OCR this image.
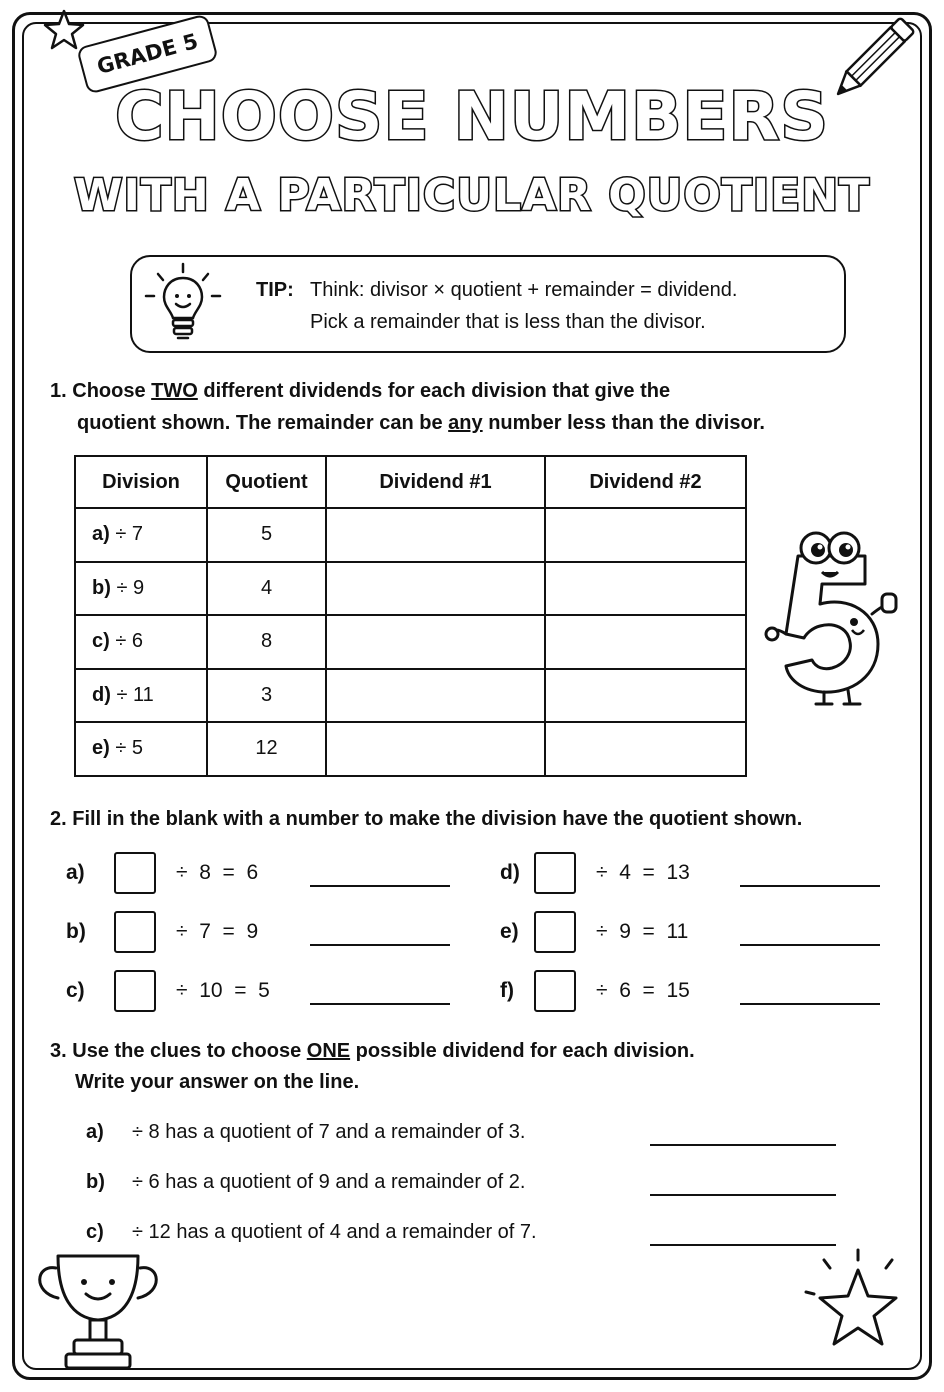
GRADE 5
CHOOSE NUMBERS
WITH A PARTICULAR QUOTIENT
TIP: Think: divisor × quotient + remainder = dividend.
Pick a remainder that is less than the divisor.
1. Choose TWO different dividends for each division that give the
quotient shown. The remainder can be any number less than the divisor.
Division	Quotient	Dividend #1	Dividend #2
a) ÷ 7	5		
b) ÷ 9	4		
c) ÷ 6	8		
d) ÷ 11	3		
e) ÷ 5	12		
2. Fill in the blank with a number to make the division have the quotient shown.
a)	÷  8  =  6
b)	÷  7  =  9
c)	÷  10  =  5
d)	÷  4  =  13
e)	÷  9  =  11
f)	÷  6  =  15
3. Use the clues to choose ONE possible dividend for each division.
Write your answer on the line.
a)	÷ 8 has a quotient of 7 and a remainder of 3.
b)	÷ 6 has a quotient of 9 and a remainder of 2.
c)	÷ 12 has a quotient of 4 and a remainder of 7.
